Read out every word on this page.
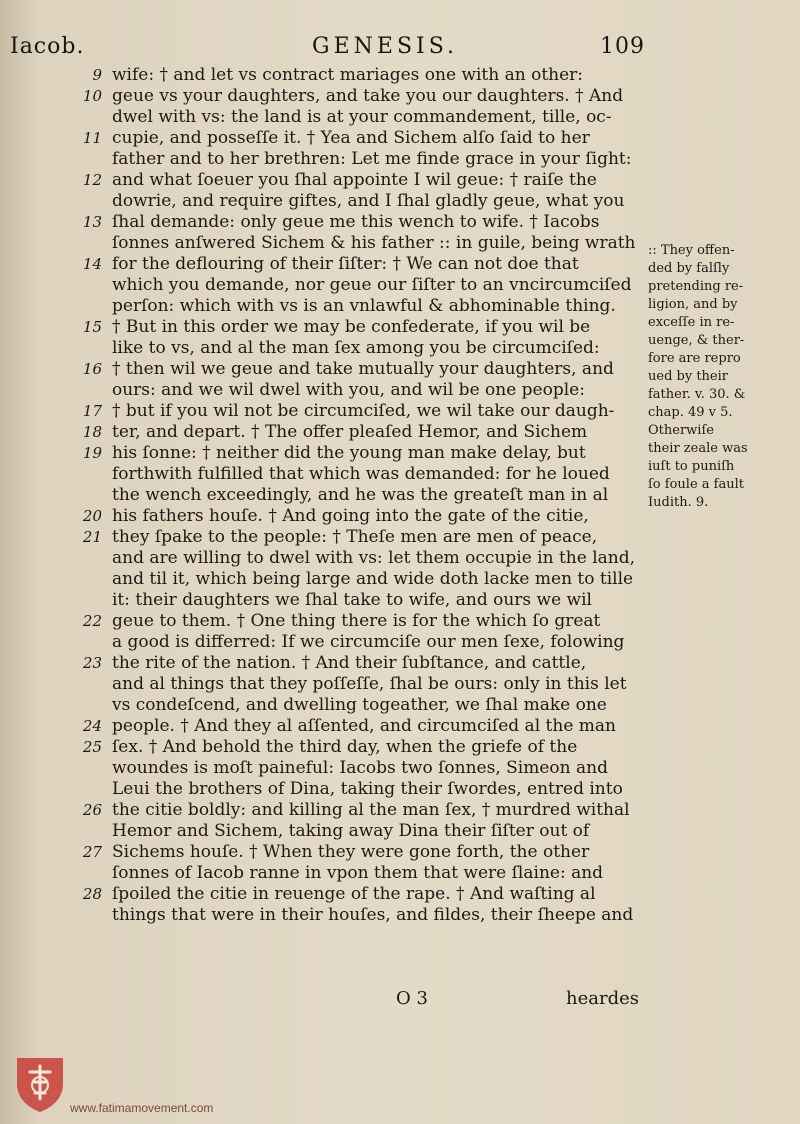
Iacob.	GENESIS.	109
9 wife: † and let vs contract mariages one with an other:
10 geue vs your daughters, and take you our daughters. † And
dwel with vs: the land is at your commandement, tille, oc-
11 cupie, and posseſſe it. † Yea and Sichem alſo ſaid to her
father and to her brethren: Let me finde grace in your ſight:
12 and what ſoeuer you ſhal appointe I wil geue: † raiſe the
dowrie, and require giftes, and I ſhal gladly geue, what you
13 ſhal demande: only geue me this wench to wife. † Iacobs
ſonnes anſwered Sichem & his father :: in guile, being wrath
14 for the deflouring of their ſiſter: † We can not doe that
which you demande, nor geue our ſiſter to an vncircumciſed
perſon: which with vs is an vnlawful & abhominable thing.
15 † But in this order we may be confederate, if you wil be
like to vs, and al the man ſex among you be circumciſed:
16 † then wil we geue and take mutually your daughters, and
ours: and we wil dwel with you, and wil be one people:
17 † but if you wil not be circumciſed, we wil take our daugh-
18 ter, and depart. † The offer pleaſed Hemor, and Sichem
19 his ſonne: † neither did the young man make delay, but
forthwith fulfilled that which was demanded: for he loued
the wench exceedingly, and he was the greateſt man in al
20 his fathers houſe. † And going into the gate of the citie,
21 they ſpake to the people: † Theſe men are men of peace,
and are willing to dwel with vs: let them occupie in the land,
and til it, which being large and wide doth lacke men to tille
it: their daughters we ſhal take to wife, and ours we wil
22 geue to them. † One thing there is for the which ſo great
a good is differred: If we circumciſe our men ſexe, folowing
23 the rite of the nation. † And their ſubſtance, and cattle,
and al things that they poſſeſſe, ſhal be ours: only in this let
vs condeſcend, and dwelling togeather, we ſhal make one
24 people. † And they al aſſented, and circumciſed al the man
25 ſex. † And behold the third day, when the griefe of the
woundes is moſt paineful: Iacobs two ſonnes, Simeon and
Leui the brothers of Dina, taking their ſwordes, entred into
26 the citie boldly: and killing al the man ſex, † murdred withal
Hemor and Sichem, taking away Dina their ſiſter out of
27 Sichems houſe. † When they were gone forth, the other
ſonnes of Iacob ranne in vpon them that were ſlaine: and
28 ſpoiled the citie in reuenge of the rape. † And waſting al
things that were in their houſes, and fildes, their ſheepe and
:: They offen-
ded by falſly
pretending re-
ligion, and by
exceſſe in re-
uenge, & ther-
fore are repro
ued by their
father. v. 30. &
chap. 49 v 5.
Otherwiſe
their zeale was
iuſt to puniſh
ſo foule a fault
Iudith. 9.
O 3	heardes
www.fatimamovement.com
